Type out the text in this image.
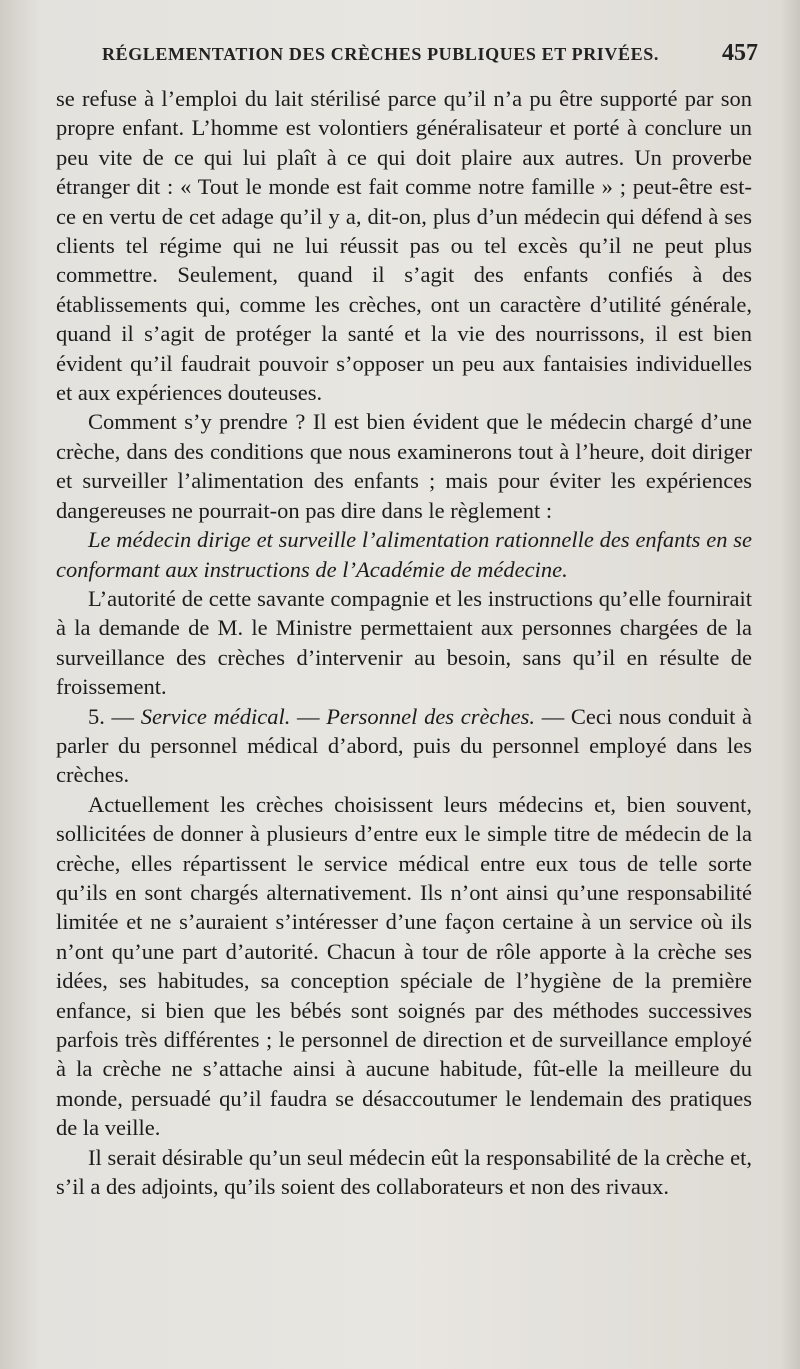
RÉGLEMENTATION DES CRÈCHES PUBLIQUES ET PRIVÉES.	457

se refuse à l’emploi du lait stérilisé parce qu’il n’a pu être supporté par son propre enfant. L’homme est volontiers généralisateur et porté à conclure un peu vite de ce qui lui plaît à ce qui doit plaire aux autres. Un proverbe étranger dit : « Tout le monde est fait comme notre famille » ; peut-être est-ce en vertu de cet adage qu’il y a, dit-on, plus d’un médecin qui défend à ses clients tel régime qui ne lui réussit pas ou tel excès qu’il ne peut plus commettre. Seulement, quand il s’agit des enfants confiés à des établissements qui, comme les crèches, ont un caractère d’utilité générale, quand il s’agit de protéger la santé et la vie des nourrissons, il est bien évident qu’il faudrait pouvoir s’opposer un peu aux fantaisies individuelles et aux expériences douteuses.

Comment s’y prendre ? Il est bien évident que le médecin chargé d’une crèche, dans des conditions que nous examinerons tout à l’heure, doit diriger et surveiller l’alimentation des enfants ; mais pour éviter les expériences dangereuses ne pourrait-on pas dire dans le règlement :

Le médecin dirige et surveille l’alimentation rationnelle des enfants en se conformant aux instructions de l’Académie de médecine.

L’autorité de cette savante compagnie et les instructions qu’elle fournirait à la demande de M. le Ministre permettaient aux personnes chargées de la surveillance des crèches d’intervenir au besoin, sans qu’il en résulte de froissement.

5. — Service médical. — Personnel des crèches. — Ceci nous conduit à parler du personnel médical d’abord, puis du personnel employé dans les crèches.

Actuellement les crèches choisissent leurs médecins et, bien souvent, sollicitées de donner à plusieurs d’entre eux le simple titre de médecin de la crèche, elles répartissent le service médical entre eux tous de telle sorte qu’ils en sont chargés alternativement. Ils n’ont ainsi qu’une responsabilité limitée et ne s’auraient s’intéresser d’une façon certaine à un service où ils n’ont qu’une part d’autorité. Chacun à tour de rôle apporte à la crèche ses idées, ses habitudes, sa conception spéciale de l’hygiène de la première enfance, si bien que les bébés sont soignés par des méthodes successives parfois très différentes ; le personnel de direction et de surveillance employé à la crèche ne s’attache ainsi à aucune habitude, fût-elle la meilleure du monde, persuadé qu’il faudra se désaccoutumer le lendemain des pratiques de la veille.

Il serait désirable qu’un seul médecin eût la responsabilité de la crèche et, s’il a des adjoints, qu’ils soient des collaborateurs et non des rivaux.
